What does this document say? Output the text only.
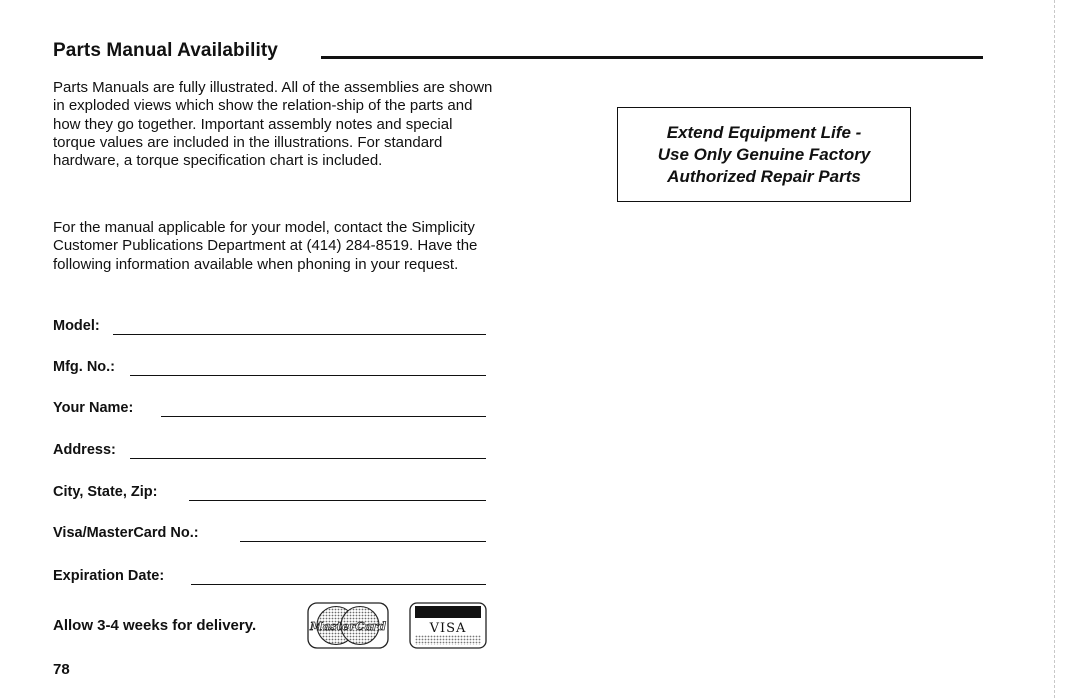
Parts Manual Availability

Parts Manuals are fully illustrated. All of the assemblies are shown in exploded views which show the relation-ship of the parts and how they go together. Important assembly notes and special torque values are included in the illustrations. For standard hardware, a torque specification chart is included.

For the manual applicable for your model, contact the Simplicity Customer Publications Department at (414) 284-8519. Have the following information available when phoning in your request.

Model:
Mfg. No.:
Your Name:
Address:
City, State, Zip:
Visa/MasterCard No.:
Expiration Date:
Allow 3-4 weeks for delivery.	MasterCard	VISA
78
Extend Equipment Life -
Use Only Genuine Factory
Authorized Repair Parts
